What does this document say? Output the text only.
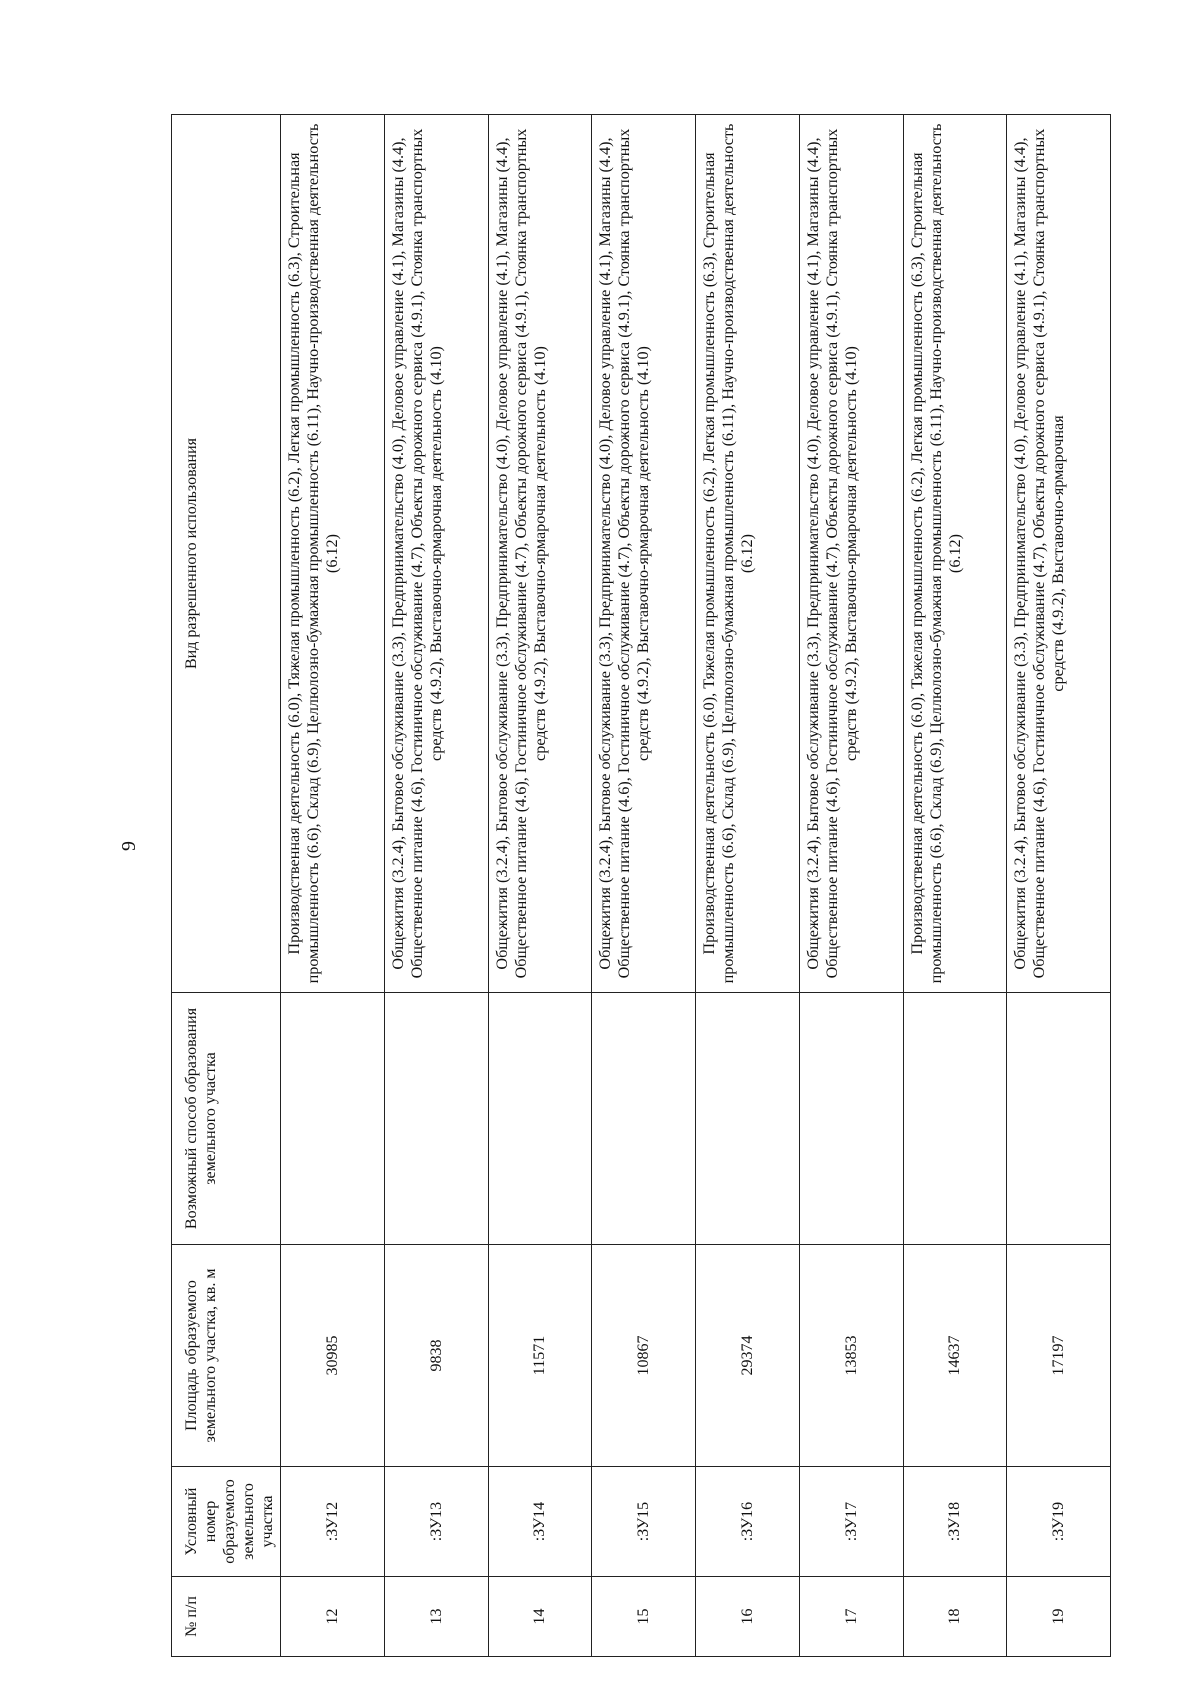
9
№ п/п	Условный номер образуемого земельного участка	Площадь образуемого земельного участка, кв. м	Возможный способ образования земельного участка	Вид разрешенного использования
12	:ЗУ12	30985		Производственная деятельность (6.0), Тяжелая промышленность (6.2), Легкая промышленность (6.3), Строительная промышленность (6.6), Склад (6.9), Целлюлозно-бумажная промышленность (6.11), Научно-производственная деятельность (6.12)
13	:ЗУ13	9838		Общежития (3.2.4), Бытовое обслуживание (3.3), Предпринимательство (4.0), Деловое управление (4.1), Магазины (4.4), Общественное питание (4.6), Гостиничное обслуживание (4.7), Объекты дорожного сервиса (4.9.1), Стоянка транспортных средств (4.9.2), Выставочно-ярмарочная деятельность (4.10)
14	:ЗУ14	11571		Общежития (3.2.4), Бытовое обслуживание (3.3), Предпринимательство (4.0), Деловое управление (4.1), Магазины (4.4), Общественное питание (4.6), Гостиничное обслуживание (4.7), Объекты дорожного сервиса (4.9.1), Стоянка транспортных средств (4.9.2), Выставочно-ярмарочная деятельность (4.10)
15	:ЗУ15	10867		Общежития (3.2.4), Бытовое обслуживание (3.3), Предпринимательство (4.0), Деловое управление (4.1), Магазины (4.4), Общественное питание (4.6), Гостиничное обслуживание (4.7), Объекты дорожного сервиса (4.9.1), Стоянка транспортных средств (4.9.2), Выставочно-ярмарочная деятельность (4.10)
16	:ЗУ16	29374		Производственная деятельность (6.0), Тяжелая промышленность (6.2), Легкая промышленность (6.3), Строительная промышленность (6.6), Склад (6.9), Целлюлозно-бумажная промышленность (6.11), Научно-производственная деятельность (6.12)
17	:ЗУ17	13853		Общежития (3.2.4), Бытовое обслуживание (3.3), Предпринимательство (4.0), Деловое управление (4.1), Магазины (4.4), Общественное питание (4.6), Гостиничное обслуживание (4.7), Объекты дорожного сервиса (4.9.1), Стоянка транспортных средств (4.9.2), Выставочно-ярмарочная деятельность (4.10)
18	:ЗУ18	14637		Производственная деятельность (6.0), Тяжелая промышленность (6.2), Легкая промышленность (6.3), Строительная промышленность (6.6), Склад (6.9), Целлюлозно-бумажная промышленность (6.11), Научно-производственная деятельность (6.12)
19	:ЗУ19	17197		Общежития (3.2.4), Бытовое обслуживание (3.3), Предпринимательство (4.0), Деловое управление (4.1), Магазины (4.4), Общественное питание (4.6), Гостиничное обслуживание (4.7), Объекты дорожного сервиса (4.9.1), Стоянка транспортных средств (4.9.2), Выставочно-ярмарочная
